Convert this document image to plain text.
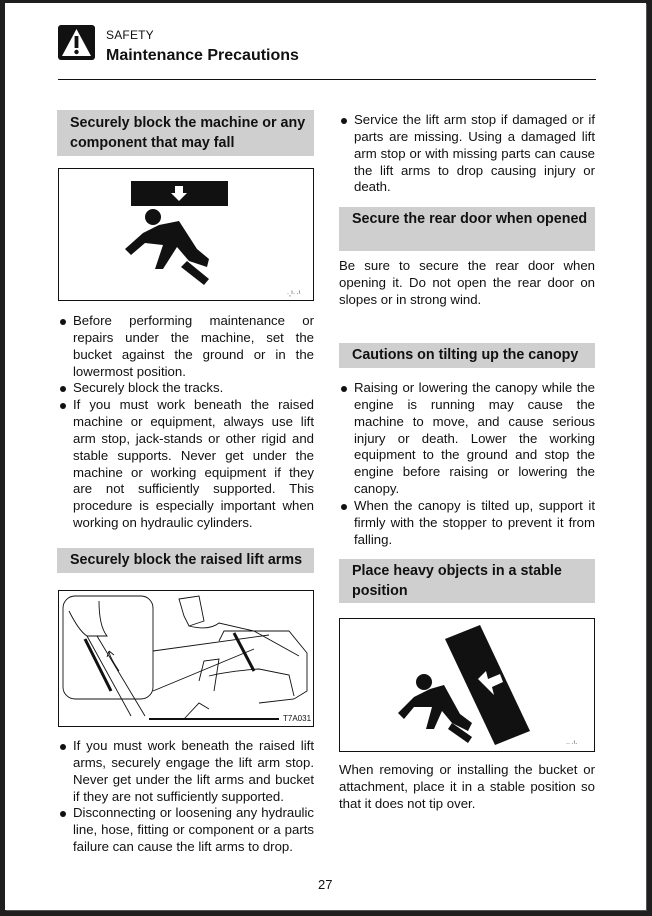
SAFETY
Maintenance Precautions
Securely block the machine or any component that may fall
·¸¹· ·¹
Before performing maintenance or repairs under the machine, set the bucket against the ground or in the lowermost position.
Securely block the tracks.
If you must work beneath the raised machine or equipment, always use lift arm stop, jack-stands or other rigid and stable supports. Never get under the machine or working equipment if they are not sufficiently supported. This procedure is especially important when working on hydraulic cylinders.
Securely block the raised lift arms
T7A031
If you must work beneath the raised lift arms, securely engage the lift arm stop. Never get under the lift arms and bucket if they are not sufficiently supported.
Disconnecting or loosening any hydraulic line, hose, fitting or component or a parts failure can cause the lift arms to drop.
Service the lift arm stop if damaged or if parts are missing. Using a damaged lift arm stop or with missing parts can cause the lift arms to drop causing injury or death.
Secure the rear door when opened
Be sure to secure the rear door when opening it. Do not open the rear door on slopes or in strong wind.
Cautions on tilting up the canopy
Raising or lowering the canopy while the engine is running may cause the machine to move, and cause serious injury or death. Lower the working equipment to the ground and stop the engine before raising or lowering the canopy.
When the canopy is tilted up, support it firmly with the stopper to prevent it from falling.
Place heavy objects in a stable position
·· ·¹·
When removing or installing the bucket or attachment, place it in a stable position so that it does not tip over.
27
